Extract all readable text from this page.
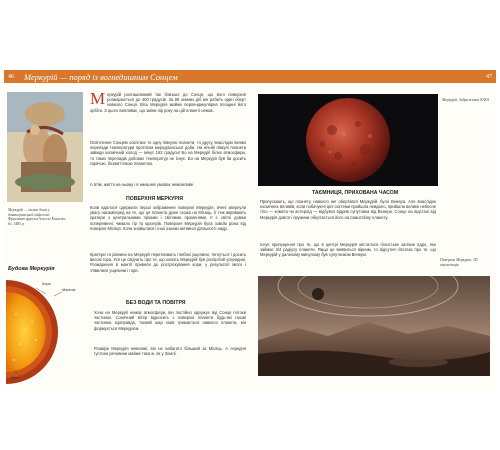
46	Меркурій — поряд із вогнедишним Сонцем
Меркурій — вісник богів у давньоримській міфології. Фрагмент фрески Алессіо Каністо, бл. 1485 р.
М еркурій розташований так близько до Сонця, що його поверхня розжарюється до 400 градусів. За 88 земних діб він робить один оберт навколо Сонця. Вісь Меркурія майже перпендикулярна площині його орбіти. З цього випливає, що зміни пір року на цій планеті немає.
Освітлення Сонцем освітлює то одну півкулю планети, то другу, внаслідок великі перепади температури протягом меркуріанської доби. На нічній півкулі планети завжди космічний холод — мінус 162 градуси! Бо на Меркурії білих атмосфери, то таких перепадів добових температур не існує. Бо на Меркурії був би досить гарячою, безжиттєвою планетою.
А втім, життя на ньому і в нинішніх умовах неможливе.
ПОВЕРХНЯ МЕРКУРІЯ
Коли вдалося одержати перші зображення поверхні Меркурія, вчені звернули увагу насамперед на те, що ця планета дуже схожа на Місяць. Її теж вкривають кратери з центральними гірками і світлими променями, її є світлі довжи поперемінні, чимало гір та кратерів. Поверхня Меркурія була зовсім різна від поверхні Місяця. Хоча знайшлися і інші ознаки активної діяльності надр.
Кратери та рівнини на Меркурії перетинають глибокі ущелини, тягнуться і досить високі гори. Усе це свідчить про те, що колись Меркурій був розігрітий усередині. Розжарення в мантії привели до розтріскування кори, у результаті якого і з'явилися ущелини і гори.
Будова Меркурія
Кора
Мантія
Ядро
БЕЗ ВОДИ ТА ПОВІТРЯ
Хоча на Меркурії немає атмосфери, він постійно одержує від Сонця потоки частинок. Сонячний вітер відносить з поверхні планети будь-які газові частинки. Щоправда, тонкий шар газів тримається навколо планети, він формується Меркурієм.
Розміри Меркурія невеликі, він не набагато більший за Місяць. А середня густина речовини майже така ж, як у Землі.
47
Меркурій. Зображення NASA
ТАЄМНИЦЯ, ПРИХОВАНА ЧАСОМ
Припускають, що планету, навколо неї обертався Меркурій, було Венера. Але внаслідок космічних впливів, коли побачуючі цієї системи пройшла невдало, прийшли велике небесне тіло — комета чи астероїд — відбувся відрив супутника від Венери. Сонце на відстані від Меркурія довгої і пружини обертається його на самостійну планету.
Існує припущення про те, що в центрі Меркурія містилося гігантське залізне ядро, яке займає 3/4 радіусу планети. Якщо це виявиться вірним, то відсутня гіпотеза про те, що Меркурій у далекому минулому був супутником Венери.
Поверхня Меркурія. 3D візуалізація
